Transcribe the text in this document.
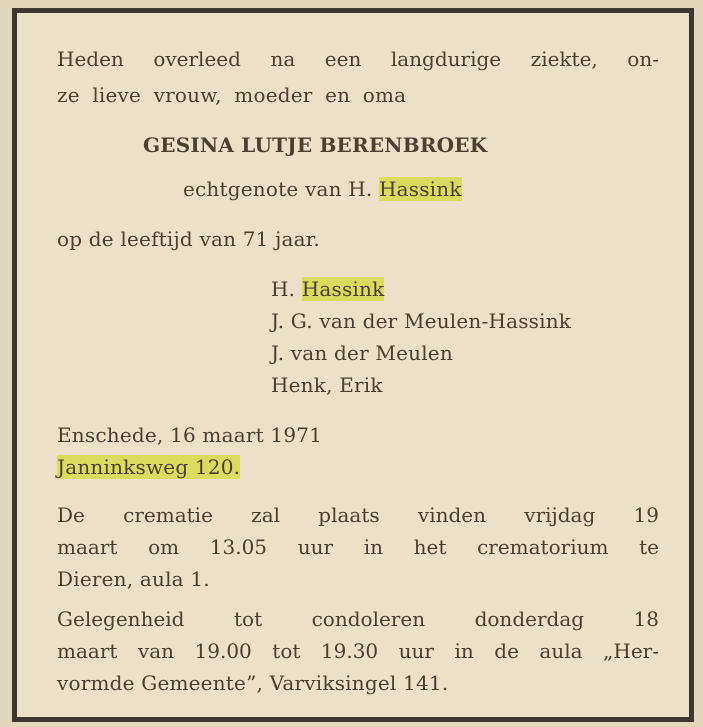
Heden overleed na een langdurige ziekte, on-
ze lieve vrouw, moeder en oma
GESINA LUTJE BERENBROEK
echtgenote van H. Hassink
op de leeftijd van 71 jaar.
H. Hassink
J. G. van der Meulen-Hassink
J. van der Meulen
Henk, Erik
Enschede, 16 maart 1971
Janninksweg 120.
De crematie zal plaats vinden vrijdag 19
maart om 13.05 uur in het crematorium te
Dieren, aula 1.
Gelegenheid tot condoleren donderdag 18
maart van 19.00 tot 19.30 uur in de aula „Her-
vormde Gemeente”, Varviksingel 141.
